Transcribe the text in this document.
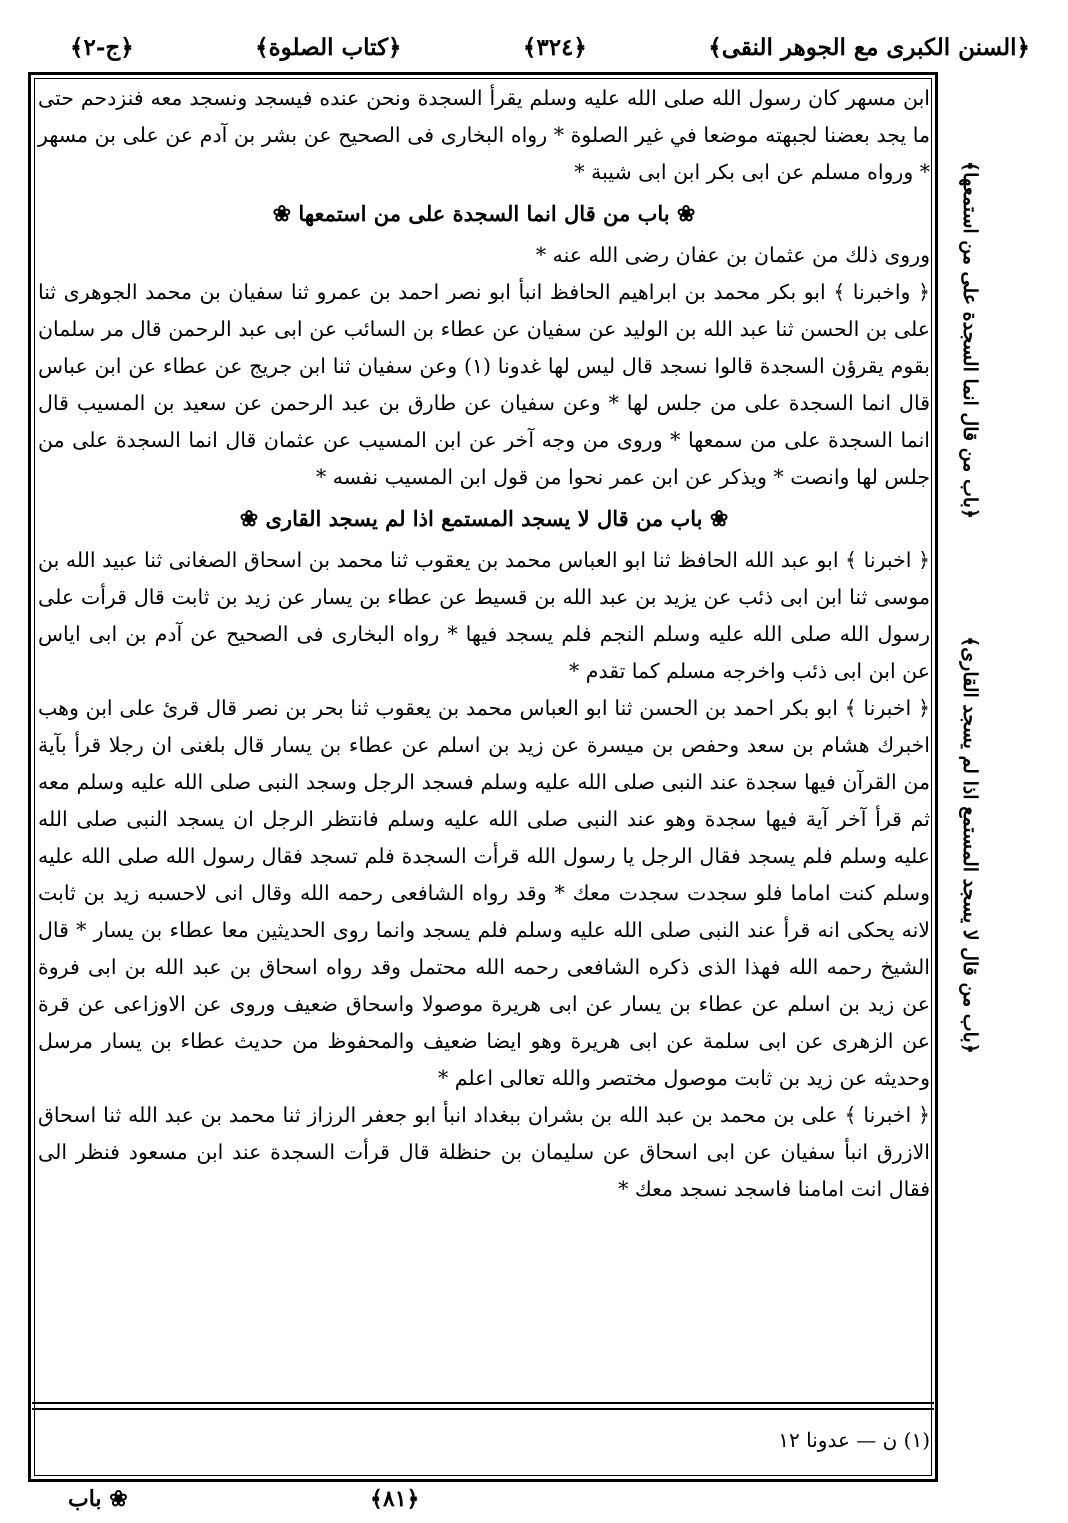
﴿السنن الكبرى مع الجوهر النقى﴾
﴿٣٢٤﴾
﴿كتاب الصلوة﴾
﴿ج-٢﴾
﴿باب من قال انما السجدة على من استمعها﴾
﴿باب من قال لا يسجد المستمع اذا لم يسجد القارى﴾

ابن مسهر كان رسول الله صلى الله عليه وسلم يقرأ السجدة ونحن عنده فيسجد ونسجد معه فنزدحم حتى ما يجد بعضنا لجبهته موضعا في غير الصلوة * رواه البخارى فى الصحيح عن بشر بن آدم عن على بن مسهر * ورواه مسلم عن ابى بكر ابن ابى شيبة *

❀ باب من قال انما السجدة على من استمعها ❀

وروى ذلك من عثمان بن عفان رضى الله عنه *

﴿ واخبرنا ﴾ ابو بكر محمد بن ابراهيم الحافظ انبأ ابو نصر احمد بن عمرو ثنا سفيان بن محمد الجوهرى ثنا على بن الحسن ثنا عبد الله بن الوليد عن سفيان عن عطاء بن السائب عن ابى عبد الرحمن قال مر سلمان بقوم يقرؤن السجدة قالوا نسجد قال ليس لها غدونا (١) وعن سفيان ثنا ابن جريج عن عطاء عن ابن عباس قال انما السجدة على من جلس لها * وعن سفيان عن طارق بن عبد الرحمن عن سعيد بن المسيب قال انما السجدة على من سمعها * وروى من وجه آخر عن ابن المسيب عن عثمان قال انما السجدة على من جلس لها وانصت * ويذكر عن ابن عمر نحوا من قول ابن المسيب نفسه *

❀ باب من قال لا يسجد المستمع اذا لم يسجد القارى ❀

﴿ اخبرنا ﴾ ابو عبد الله الحافظ ثنا ابو العباس محمد بن يعقوب ثنا محمد بن اسحاق الصغانى ثنا عبيد الله بن موسى ثنا ابن ابى ذئب عن يزيد بن عبد الله بن قسيط عن عطاء بن يسار عن زيد بن ثابت قال قرأت على رسول الله صلى الله عليه وسلم النجم فلم يسجد فيها * رواه البخارى فى الصحيح عن آدم بن ابى اياس عن ابن ابى ذئب واخرجه مسلم كما تقدم *

﴿ اخبرنا ﴾ ابو بكر احمد بن الحسن ثنا ابو العباس محمد بن يعقوب ثنا بحر بن نصر قال قرئ على ابن وهب اخبرك هشام بن سعد وحفص بن ميسرة عن زيد بن اسلم عن عطاء بن يسار قال بلغنى ان رجلا قرأ بآية من القرآن فيها سجدة عند النبى صلى الله عليه وسلم فسجد الرجل وسجد النبى صلى الله عليه وسلم معه ثم قرأ آخر آية فيها سجدة وهو عند النبى صلى الله عليه وسلم فانتظر الرجل ان يسجد النبى صلى الله عليه وسلم فلم يسجد فقال الرجل يا رسول الله قرأت السجدة فلم تسجد فقال رسول الله صلى الله عليه وسلم كنت اماما فلو سجدت سجدت معك * وقد رواه الشافعى رحمه الله وقال انى لاحسبه زيد بن ثابت لانه يحكى انه قرأ عند النبى صلى الله عليه وسلم فلم يسجد وانما روى الحديثين معا عطاء بن يسار * قال الشيخ رحمه الله فهذا الذى ذكره الشافعى رحمه الله محتمل وقد رواه اسحاق بن عبد الله بن ابى فروة عن زيد بن اسلم عن عطاء بن يسار عن ابى هريرة موصولا واسحاق ضعيف وروى عن الاوزاعى عن قرة عن الزهرى عن ابى سلمة عن ابى هريرة وهو ايضا ضعيف والمحفوظ من حديث عطاء بن يسار مرسل وحديثه عن زيد بن ثابت موصول مختصر والله تعالى اعلم *

﴿ اخبرنا ﴾ على بن محمد بن عبد الله بن بشران ببغداد انبأ ابو جعفر الرزاز ثنا محمد بن عبد الله ثنا اسحاق الازرق انبأ سفيان عن ابى اسحاق عن سليمان بن حنظلة قال قرأت السجدة عند ابن مسعود فنظر الى فقال انت امامنا فاسجد نسجد معك *

(١) ن — عدونا ١٢
❀ باب	﴿٨١﴾
